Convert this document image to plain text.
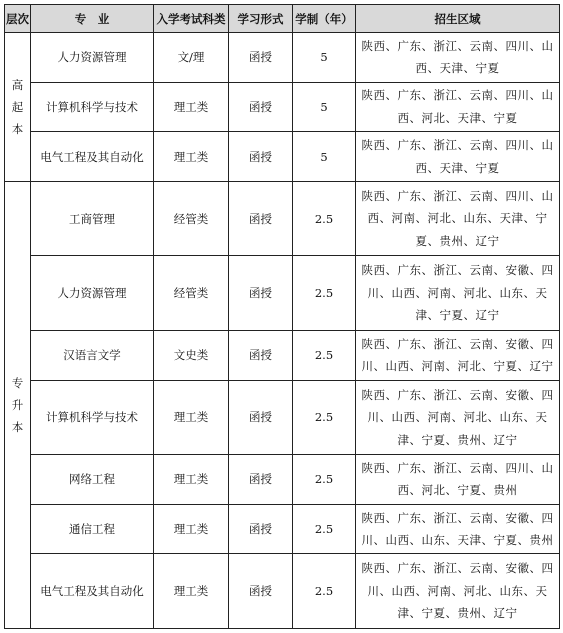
层次	专　业	入学考试科类	学习形式	学制（年）	招生区域

高
起
本	人力资源管理	文/理	函授	5	陕西、广东、浙江、云南、四川、山西、天津、宁夏
	计算机科学与技术	理工类	函授	5	陕西、广东、浙江、云南、四川、山西、河北、天津、宁夏
	电气工程及其自动化	理工类	函授	5	陕西、广东、浙江、云南、四川、山西、天津、宁夏

专
升
本	工商管理	经管类	函授	2.5	陕西、广东、浙江、云南、四川、山西、河南、河北、山东、天津、宁夏、贵州、辽宁
	人力资源管理	经管类	函授	2.5	陕西、广东、浙江、云南、安徽、四川、山西、河南、河北、山东、天津、宁夏、辽宁
	汉语言文学	文史类	函授	2.5	陕西、广东、浙江、云南、安徽、四川、山西、河南、河北、宁夏、辽宁
	计算机科学与技术	理工类	函授	2.5	陕西、广东、浙江、云南、安徽、四川、山西、河南、河北、山东、天津、宁夏、贵州、辽宁
	网络工程	理工类	函授	2.5	陕西、广东、浙江、云南、四川、山西、河北、宁夏、贵州
	通信工程	理工类	函授	2.5	陕西、广东、浙江、云南、安徽、四川、山西、山东、天津、宁夏、贵州
	电气工程及其自动化	理工类	函授	2.5	陕西、广东、浙江、云南、安徽、四川、山西、河南、河北、山东、天津、宁夏、贵州、辽宁
